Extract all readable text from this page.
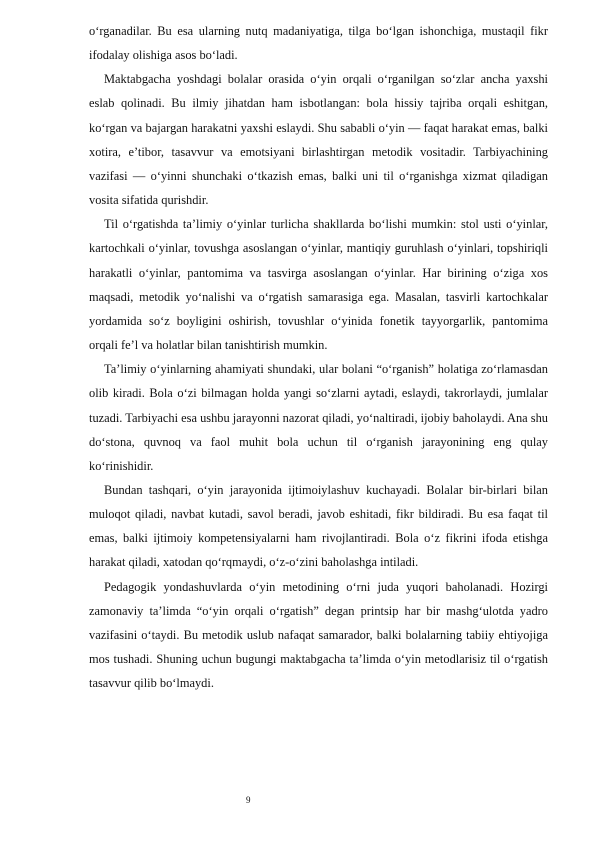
o‘rganadilar. Bu esa ularning nutq madaniyatiga, tilga bo‘lgan ishonchiga, mustaqil fikr ifodalay olishiga asos bo‘ladi.

Maktabgacha yoshdagi bolalar orasida o‘yin orqali o‘rganilgan so‘zlar ancha yaxshi eslab qolinadi. Bu ilmiy jihatdan ham isbotlangan: bola hissiy tajriba orqali eshitgan, ko‘rgan va bajargan harakatni yaxshi eslaydi. Shu sababli o‘yin — faqat harakat emas, balki xotira, e’tibor, tasavvur va emotsiyani birlashtirgan metodik vositadir. Tarbiyachining vazifasi — o‘yinni shunchaki o‘tkazish emas, balki uni til o‘rganishga xizmat qiladigan vosita sifatida qurishdir.

Til o‘rgatishda ta’limiy o‘yinlar turlicha shakllarda bo‘lishi mumkin: stol usti o‘yinlar, kartochkali o‘yinlar, tovushga asoslangan o‘yinlar, mantiqiy guruhlash o‘yinlari, topshiriqli harakatli o‘yinlar, pantomima va tasvirga asoslangan o‘yinlar. Har birining o‘ziga xos maqsadi, metodik yo‘nalishi va o‘rgatish samarasiga ega. Masalan, tasvirli kartochkalar yordamida so‘z boyligini oshirish, tovushlar o‘yinida fonetik tayyorgarlik, pantomima orqali fe’l va holatlar bilan tanishtirish mumkin.

Ta’limiy o‘yinlarning ahamiyati shundaki, ular bolani “o‘rganish” holatiga zo‘rlamasdan olib kiradi. Bola o‘zi bilmagan holda yangi so‘zlarni aytadi, eslaydi, takrorlaydi, jumlalar tuzadi. Tarbiyachi esa ushbu jarayonni nazorat qiladi, yo‘naltiradi, ijobiy baholaydi. Ana shu do‘stona, quvnoq va faol muhit bola uchun til o‘rganish jarayonining eng qulay ko‘rinishidir.

Bundan tashqari, o‘yin jarayonida ijtimoiylashuv kuchayadi. Bolalar bir-birlari bilan muloqot qiladi, navbat kutadi, savol beradi, javob eshitadi, fikr bildiradi. Bu esa faqat til emas, balki ijtimoiy kompetensiyalarni ham rivojlantiradi. Bola o‘z fikrini ifoda etishga harakat qiladi, xatodan qo‘rqmaydi, o‘z-o‘zini baholashga intiladi.

Pedagogik yondashuvlarda o‘yin metodining o‘rni juda yuqori baholanadi. Hozirgi zamonaviy ta’limda “o‘yin orqali o‘rgatish” degan printsip har bir mashg‘ulotda yadro vazifasini o‘taydi. Bu metodik uslub nafaqat samarador, balki bolalarning tabiiy ehtiyojiga mos tushadi. Shuning uchun bugungi maktabgacha ta’limda o‘yin metodlarisiz til o‘rgatish tasavvur qilib bo‘lmaydi.

9
